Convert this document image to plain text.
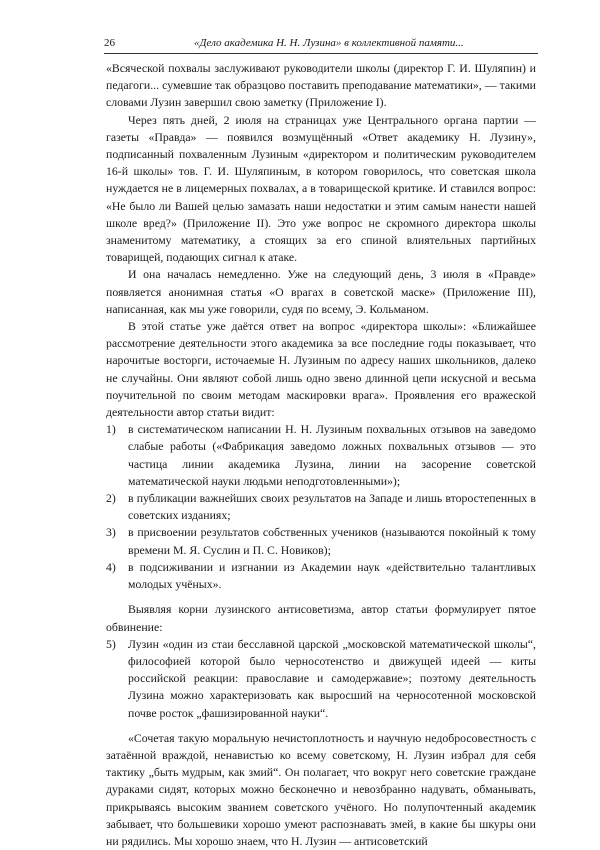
26	«Дело академика Н. Н. Лузина» в коллективной памяти...

«Всяческой похвалы заслуживают руководители школы (директор Г. И. Шуляпин) и педагоги... сумевшие так образцово поставить преподавание математики», — такими словами Лузин завершил свою заметку (Приложение I).

Через пять дней, 2 июля на страницах уже Центрального органа партии — газеты «Правда» — появился возмущённый «Ответ академику Н. Лузину», подписанный похваленным Лузиным «директором и политическим руководителем 16-й школы» тов. Г. И. Шуляпиным, в котором говорилось, что советская школа нуждается не в лицемерных похвалах, а в товарищеской критике. И ставился вопрос: «Не было ли Вашей целью замазать наши недостатки и этим самым нанести нашей школе вред?» (Приложение II). Это уже вопрос не скромного директора школы знаменитому математику, а стоящих за его спиной влиятельных партийных товарищей, подающих сигнал к атаке.

И она началась немедленно. Уже на следующий день, 3 июля в «Правде» появляется анонимная статья «О врагах в советской маске» (Приложение III), написанная, как мы уже говорили, судя по всему, Э. Кольманом.

В этой статье уже даётся ответ на вопрос «директора школы»: «Ближайшее рассмотрение деятельности этого академика за все последние годы показывает, что нарочитые восторги, источаемые Н. Лузиным по адресу наших школьников, далеко не случайны. Они являют собой лишь одно звено длинной цепи искусной и весьма поучительной по своим методам маскировки врага». Проявления его вражеской деятельности автор статьи видит:

1) в систематическом написании Н. Н. Лузиным похвальных отзывов на заведомо слабые работы («Фабрикация заведомо ложных похвальных отзывов — это частица линии академика Лузина, линии на засорение советской математической науки людьми неподготовленными»);
2) в публикации важнейших своих результатов на Западе и лишь второстепенных в советских изданиях;
3) в присвоении результатов собственных учеников (называются покойный к тому времени М. Я. Суслин и П. С. Новиков);
4) в подсиживании и изгнании из Академии наук «действительно талантливых молодых учёных».

Выявляя корни лузинского антисоветизма, автор статьи формулирует пятое обвинение:

5) Лузин «один из стаи бесславной царской „московской математической школы“, философией которой было черносотенство и движущей идеей — киты российской реакции: православие и самодержавие»; поэтому деятельность Лузина можно характеризовать как выросший на черносотенной московской почве росток „фашизированной науки“.

«Сочетая такую моральную нечистоплотность и научную недобросовестность с затаённой враждой, ненавистью ко всему советскому, Н. Лузин избрал для себя тактику „быть мудрым, как змий“. Он полагает, что вокруг него советские граждане дураками сидят, которых можно бесконечно и невозбранно надувать, обманывать, прикрываясь высоким званием советского учёного. Но полупочтенный академик забывает, что большевики хорошо умеют распознавать змей, в какие бы шкуры они ни рядились. Мы хорошо знаем, что Н. Лузин — антисоветский
